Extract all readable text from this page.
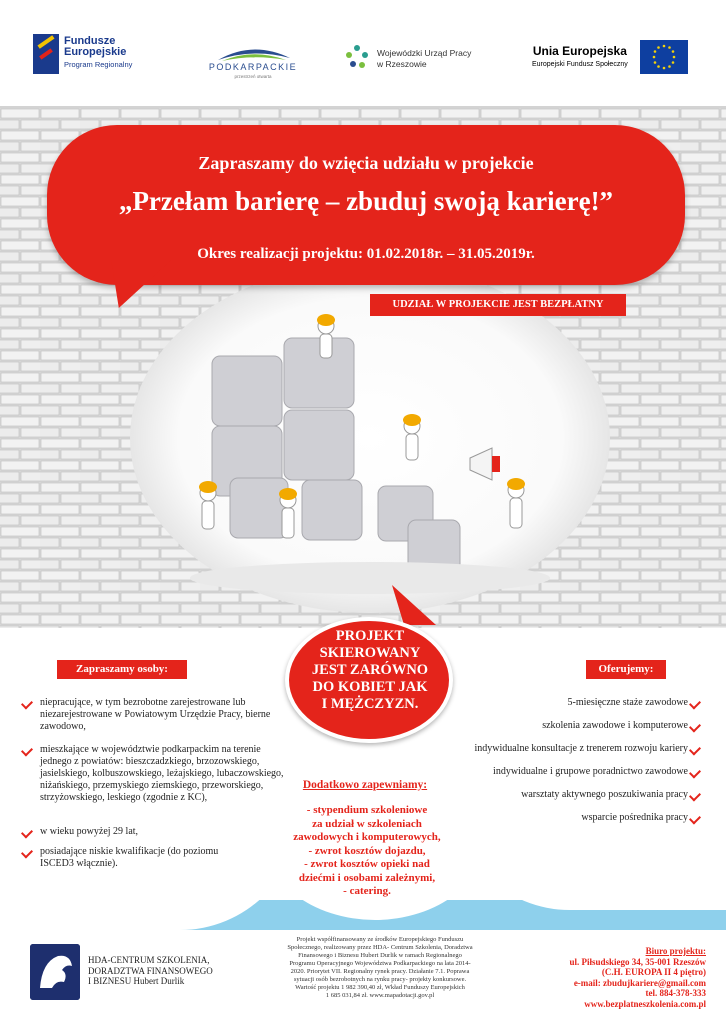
Fundusze
Europejskie
Program Regionalny	PODKARPACKIE
przestrzeń otwarta
Wojewódzki Urząd Pracy
w Rzeszowie
Unia Europejska
Europejski Fundusz Społeczny
Zapraszamy do wzięcia udziału w projekcie
„Przełam barierę – zbuduj swoją karierę!”
Okres realizacji projektu: 01.02.2018r. – 31.05.2019r.
UDZIAŁ W PROJEKCIE JEST BEZPŁATNY
PROJEKT
SKIEROWANY
JEST ZARÓWNO
DO KOBIET JAK
I MĘŻCZYZN.
Zapraszamy osoby:
niepracujące, w tym bezrobotne zarejestrowane lub niezarejestrowane w Powiatowym Urzędzie Pracy, bierne zawodowo,
mieszkające w województwie podkarpackim na terenie jednego z powiatów: bieszczadzkiego, brzozowskiego, jasielskiego, kolbuszowskiego, leżajskiego, lubaczowskiego, niżańskiego, przemyskiego ziemskiego, przeworskiego, strzyżowskiego, leskiego (zgodnie z KC),
w wieku powyżej 29 lat,
posiadające niskie kwalifikacje (do poziomu ISCED3 włącznie).
Oferujemy:
5-miesięczne staże zawodowe
szkolenia zawodowe i komputerowe
indywidualne konsultacje z trenerem rozwoju kariery
indywidualne i grupowe poradnictwo zawodowe
warsztaty aktywnego poszukiwania pracy
wsparcie pośrednika pracy
Dodatkowo zapewniamy:
- stypendium szkoleniowe
za udział w szkoleniach
zawodowych i komputerowych,
- zwrot kosztów dojazdu,
- zwrot kosztów opieki nad
dziećmi i osobami zależnymi,
- catering.
HDA-CENTRUM SZKOLENIA,
DORADZTWA FINANSOWEGO
I BIZNESU Hubert Durlik
Projekt współfinansowany ze środków Europejskiego Funduszu
Społecznego, realizowany przez HDA- Centrum Szkolenia, Doradztwa
Finansowego i Biznesu Hubert Durlik w ramach Regionalnego
Programu Operacyjnego Województwa Podkarpackiego na lata 2014-
2020. Priorytet VII. Regionalny rynek pracy. Działanie 7.1. Poprawa
sytuacji osób bezrobotnych na rynku pracy- projekty konkursowe.
Wartość projektu 1 982 390,40 zł, Wkład Funduszy Europejskich
1 685 031,84 zł. www.mapadotacji.gov.pl
Biuro projektu:
ul. Piłsudskiego 34, 35-001 Rzeszów
(C.H. EUROPA II 4 piętro)
e-mail: zbudujkariere@gmail.com
tel. 884-378-333
www.bezplatneszkolenia.com.pl
